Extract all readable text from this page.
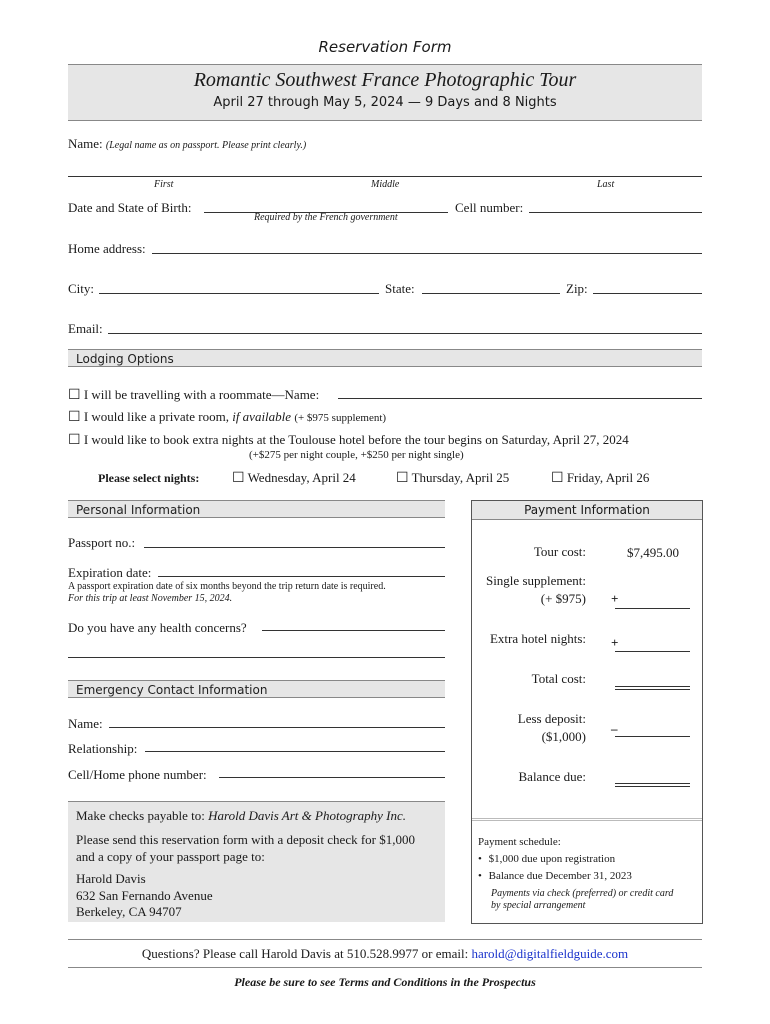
Reservation Form
Romantic Southwest France Photographic Tour
April 27 through May 5, 2024 — 9 Days and 8 Nights
Name: (Legal name as on passport. Please print clearly.)
First	Middle	Last
Date and State of Birth:
Required by the French government
Cell number:
Home address:
City:	State:	Zip:
Email:
Lodging Options
☐ I will be travelling with a roommate—Name:
☐ I would like a private room, if available (+ $975 supplement)
☐ I would like to book extra nights at the Toulouse hotel before the tour begins on Saturday, April 27, 2024
(+$275 per night couple, +$250 per night single)
Please select nights: ☐ Wednesday, April 24	☐ Thursday, April 25	☐ Friday, April 26
Personal Information
Passport no.:
Expiration date:
A passport expiration date of six months beyond the trip return date is required.
For this trip at least November 15, 2024.
Do you have any health concerns?
Emergency Contact Information
Name:
Relationship:
Cell/Home phone number:
Make checks payable to: Harold Davis Art & Photography Inc.
Please send this reservation form with a deposit check for $1,000
and a copy of your passport page to:
Harold Davis
632 San Fernando Avenue
Berkeley, CA 94707
Payment Information
Tour cost:	$7,495.00
Single supplement:
(+ $975) +
Extra hotel nights: +
Total cost:
Less deposit:
($1,000)
–
Balance due:
Payment schedule:
• $1,000 due upon registration
• Balance due December 31, 2023
Payments via check (preferred) or credit card
by special arrangement
Questions? Please call Harold Davis at 510.528.9977 or email: harold@digitalfieldguide.com
Please be sure to see Terms and Conditions in the Prospectus
